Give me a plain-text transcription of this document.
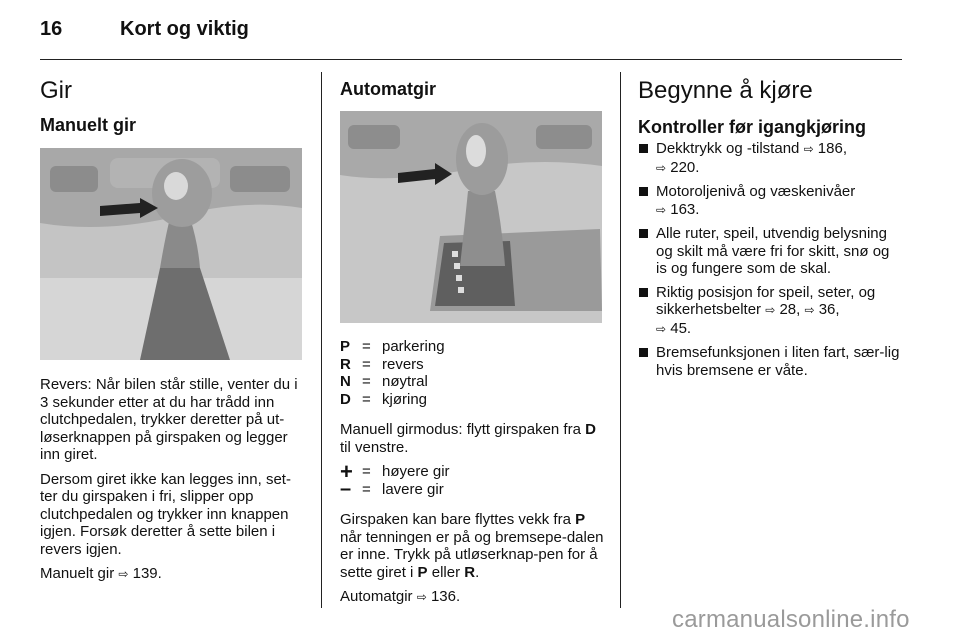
16	Kort og viktig
Gir
Manuelt gir

Revers: Når bilen står stille, venter du i 3 sekunder etter at du har trådd inn clutchpedalen, trykker deretter på ut-løserknappen på girspaken og legger inn giret.

Dersom giret ikke kan legges inn, set-ter du girspaken i fri, slipper opp clutchpedalen og trykker inn knappen igjen. Forsøk deretter å sette bilen i revers igjen.

Manuelt gir ⇨ 139.

Automatgir
P	=	parkering
R	=	revers
N	=	nøytral
D	=	kjøring

Manuell girmodus: flytt girspaken fra D til venstre.

+	=	høyere gir
–	=	lavere gir

Girspaken kan bare flyttes vekk fra P når tenningen er på og bremsepe-dalen er inne. Trykk på utløserknap-pen for å sette giret i P eller R.

Automatgir ⇨ 136.

Begynne å kjøre
Kontroller før igangkjøring
Dekktrykk og -tilstand ⇨ 186,
⇨ 220.
Motoroljenivå og væskenivåer
⇨ 163.
Alle ruter, speil, utvendig belysning og skilt må være fri for skitt, snø og is og fungere som de skal.
Riktig posisjon for speil, seter, og sikkerhetsbelter ⇨ 28, ⇨ 36,
⇨ 45.
Bremsefunksjonen i liten fart, sær-lig hvis bremsene er våte.
carmanualsonline.info
